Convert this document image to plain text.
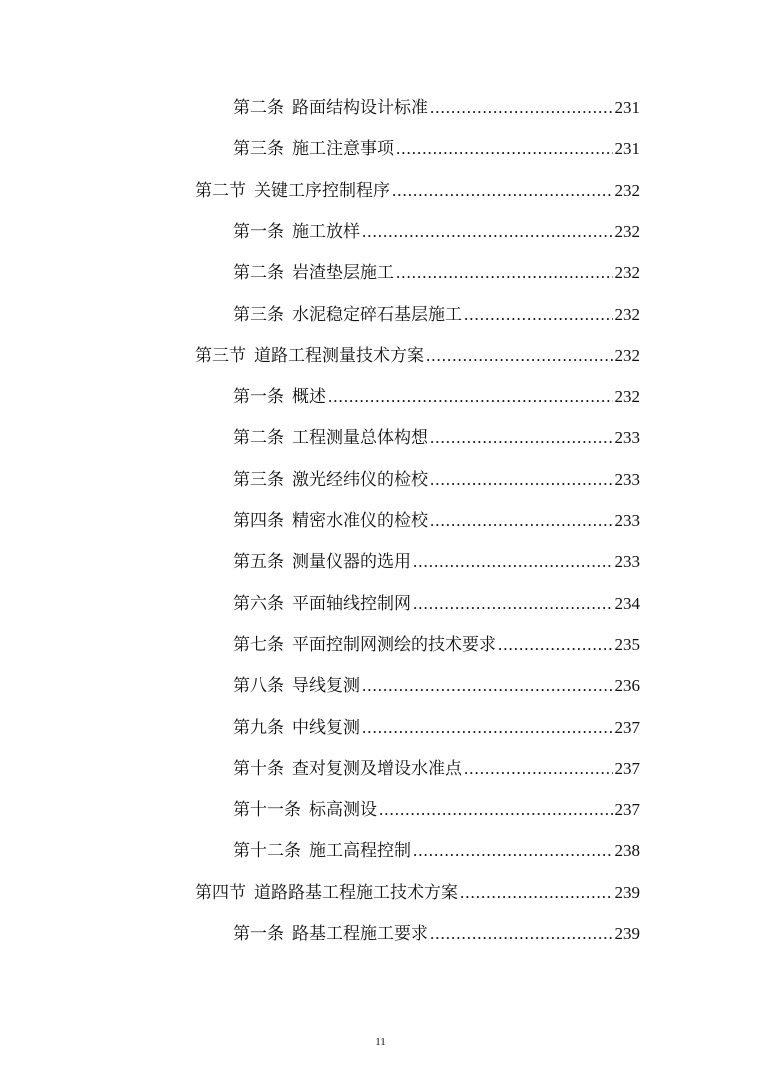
第二条 路面结构设计标准 .....	231
第三条 施工注意事项 .....	231
第二节 关键工序控制程序 .....	232
第一条 施工放样 .....	232
第二条 岩渣垫层施工 .....	232
第三条 水泥稳定碎石基层施工 .....	232
第三节 道路工程测量技术方案 .....	232
第一条 概述 .....	232
第二条 工程测量总体构想 .....	233
第三条 激光经纬仪的检校 .....	233
第四条 精密水准仪的检校 .....	233
第五条 测量仪器的选用 .....	233
第六条 平面轴线控制网 .....	234
第七条 平面控制网测绘的技术要求 .....	235
第八条 导线复测 .....	236
第九条 中线复测 .....	237
第十条 查对复测及增设水准点 .....	237
第十一条 标高测设 .....	237
第十二条 施工高程控制 .....	238
第四节 道路路基工程施工技术方案 .....	239
第一条 路基工程施工要求 .....	239
11
